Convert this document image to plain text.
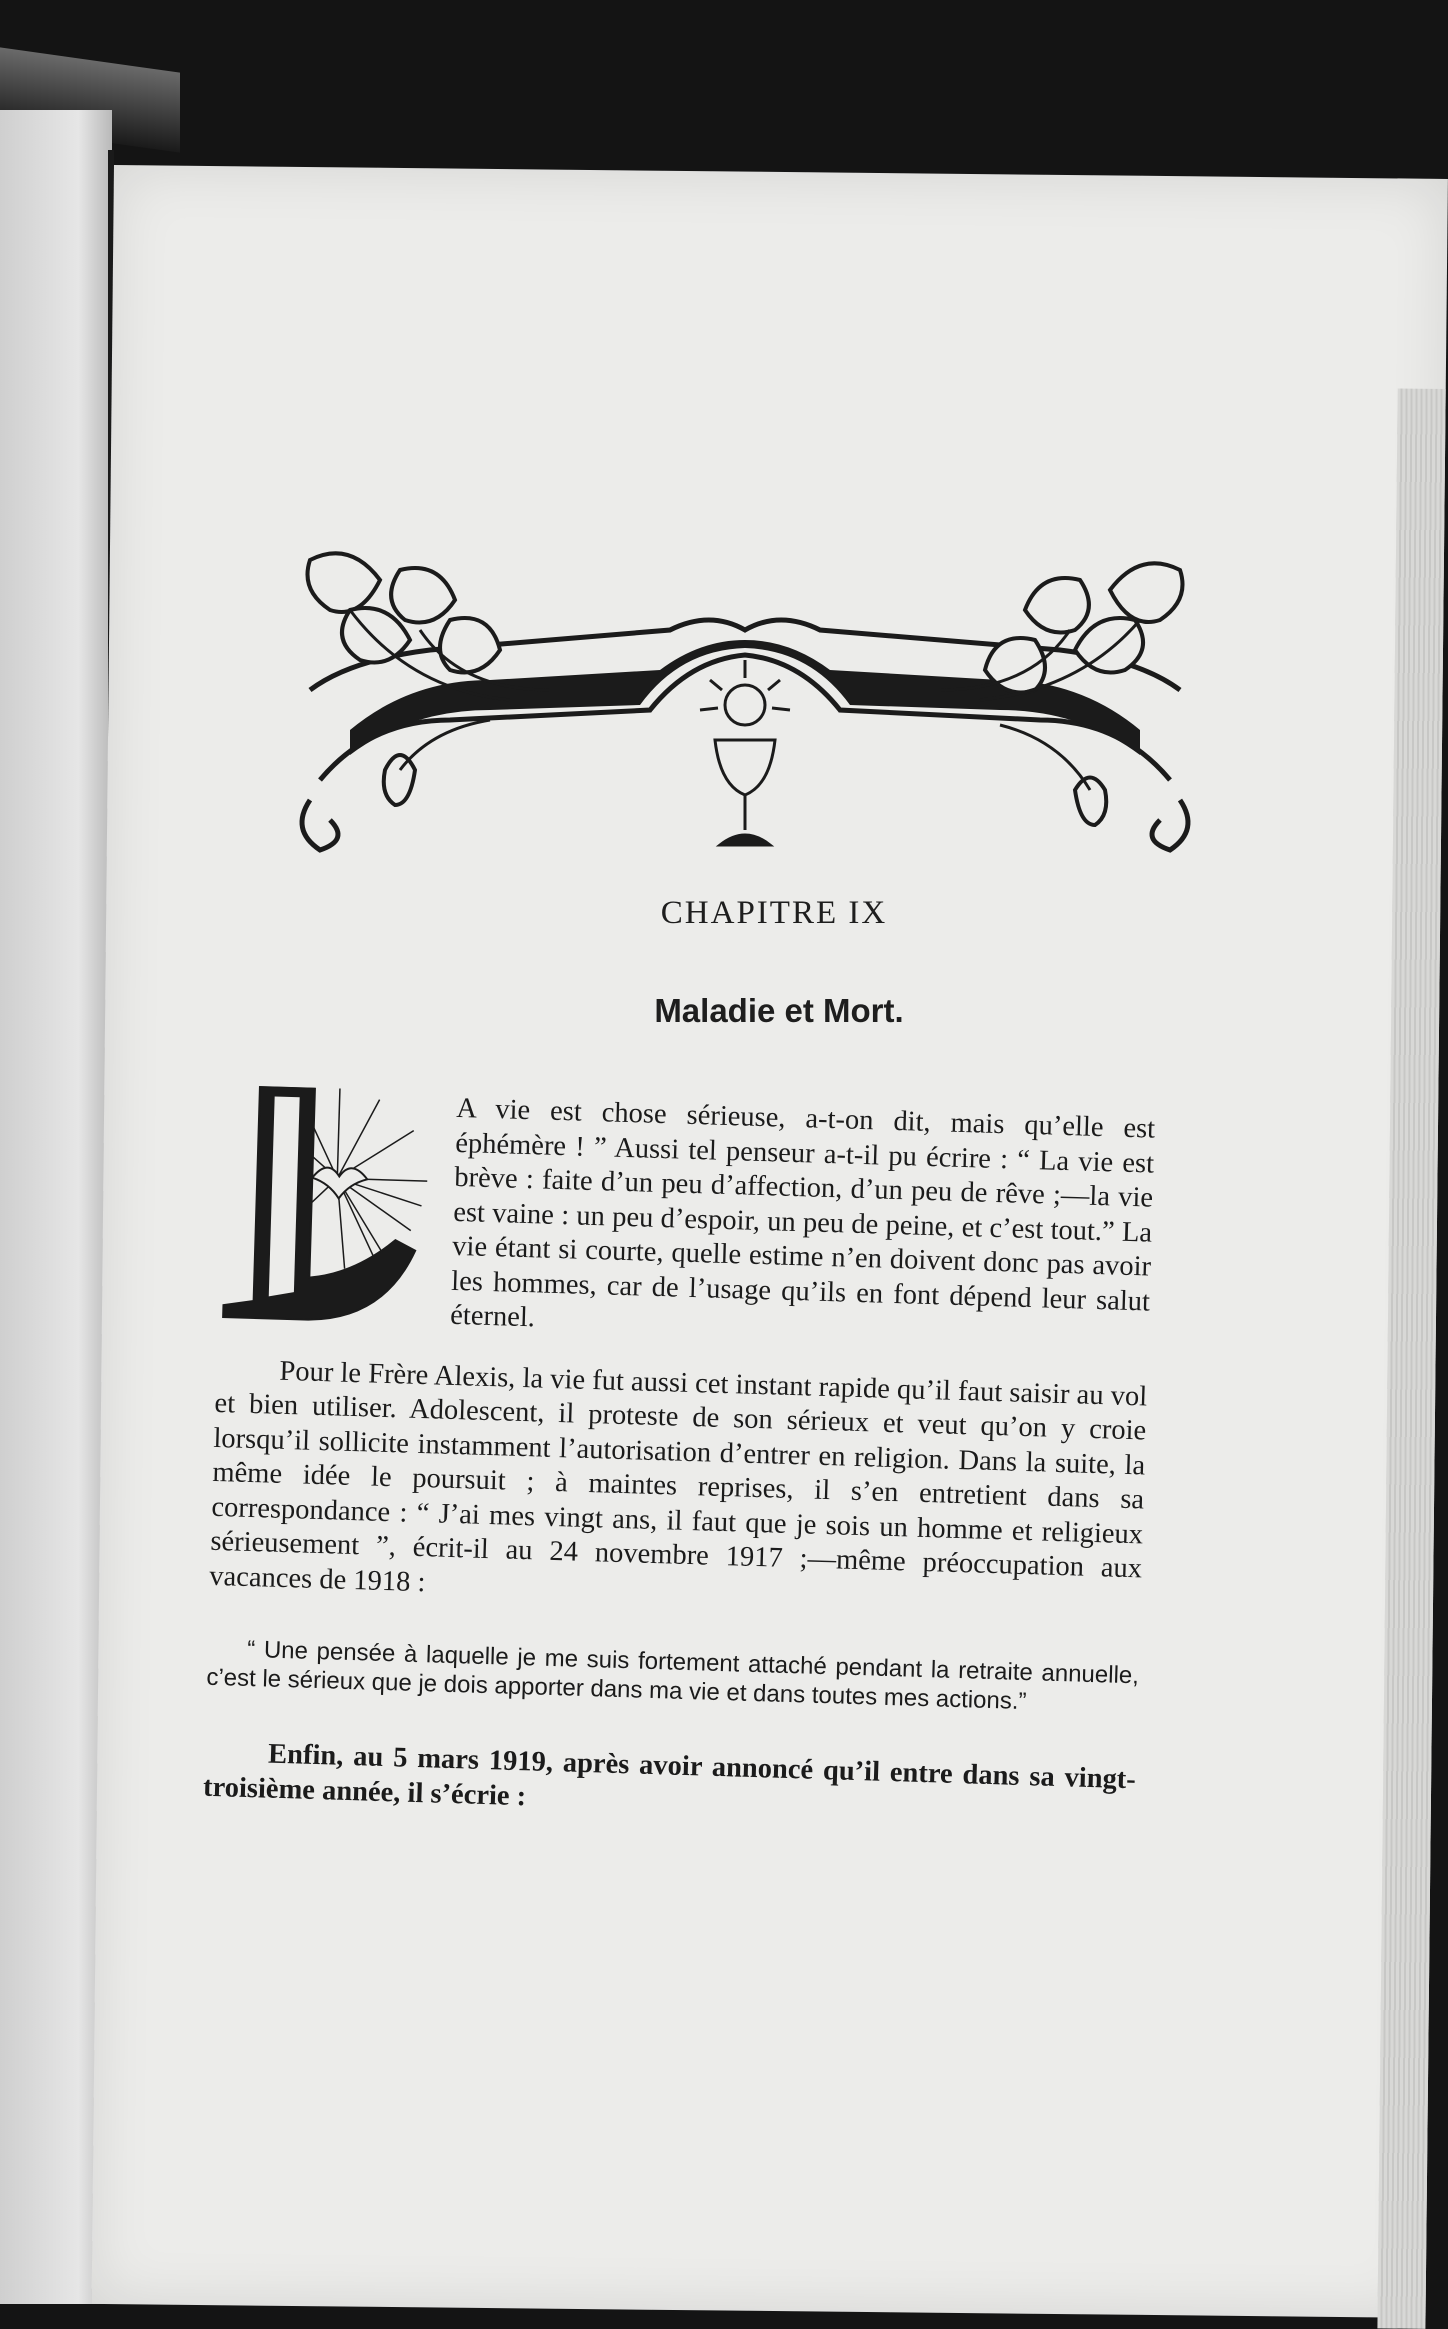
CHAPITRE IX
Maladie et Mort.

L
A vie est chose sérieuse, a-t-on dit, mais qu’elle est éphémère ! ” Aussi tel penseur a-t-il pu écrire : “ La vie est brève : faite d’un peu d’affection, d’un peu de rêve ;—la vie est vaine : un peu d’espoir, un peu de peine, et c’est tout.” La vie étant si courte, quelle estime n’en doivent donc pas avoir les hommes, car de l’usage qu’ils en font dépend leur salut éternel.

Pour le Frère Alexis, la vie fut aussi cet instant rapide qu’il faut saisir au vol et bien utiliser. Adolescent, il proteste de son sérieux et veut qu’on y croie lorsqu’il sollicite instamment l’autorisation d’entrer en religion. Dans la suite, la même idée le poursuit ; à maintes reprises, il s’en entretient dans sa correspondance : “ J’ai mes vingt ans, il faut que je sois un homme et religieux sérieusement ”, écrit-il au 24 novembre 1917 ;—même préoccupation aux vacances de 1918 :

“ Une pensée à laquelle je me suis fortement attaché pendant la retraite annuelle, c’est le sérieux que je dois apporter dans ma vie et dans toutes mes actions.”

Enfin, au 5 mars 1919, après avoir annoncé qu’il entre dans sa vingt-troisième année, il s’écrie :
